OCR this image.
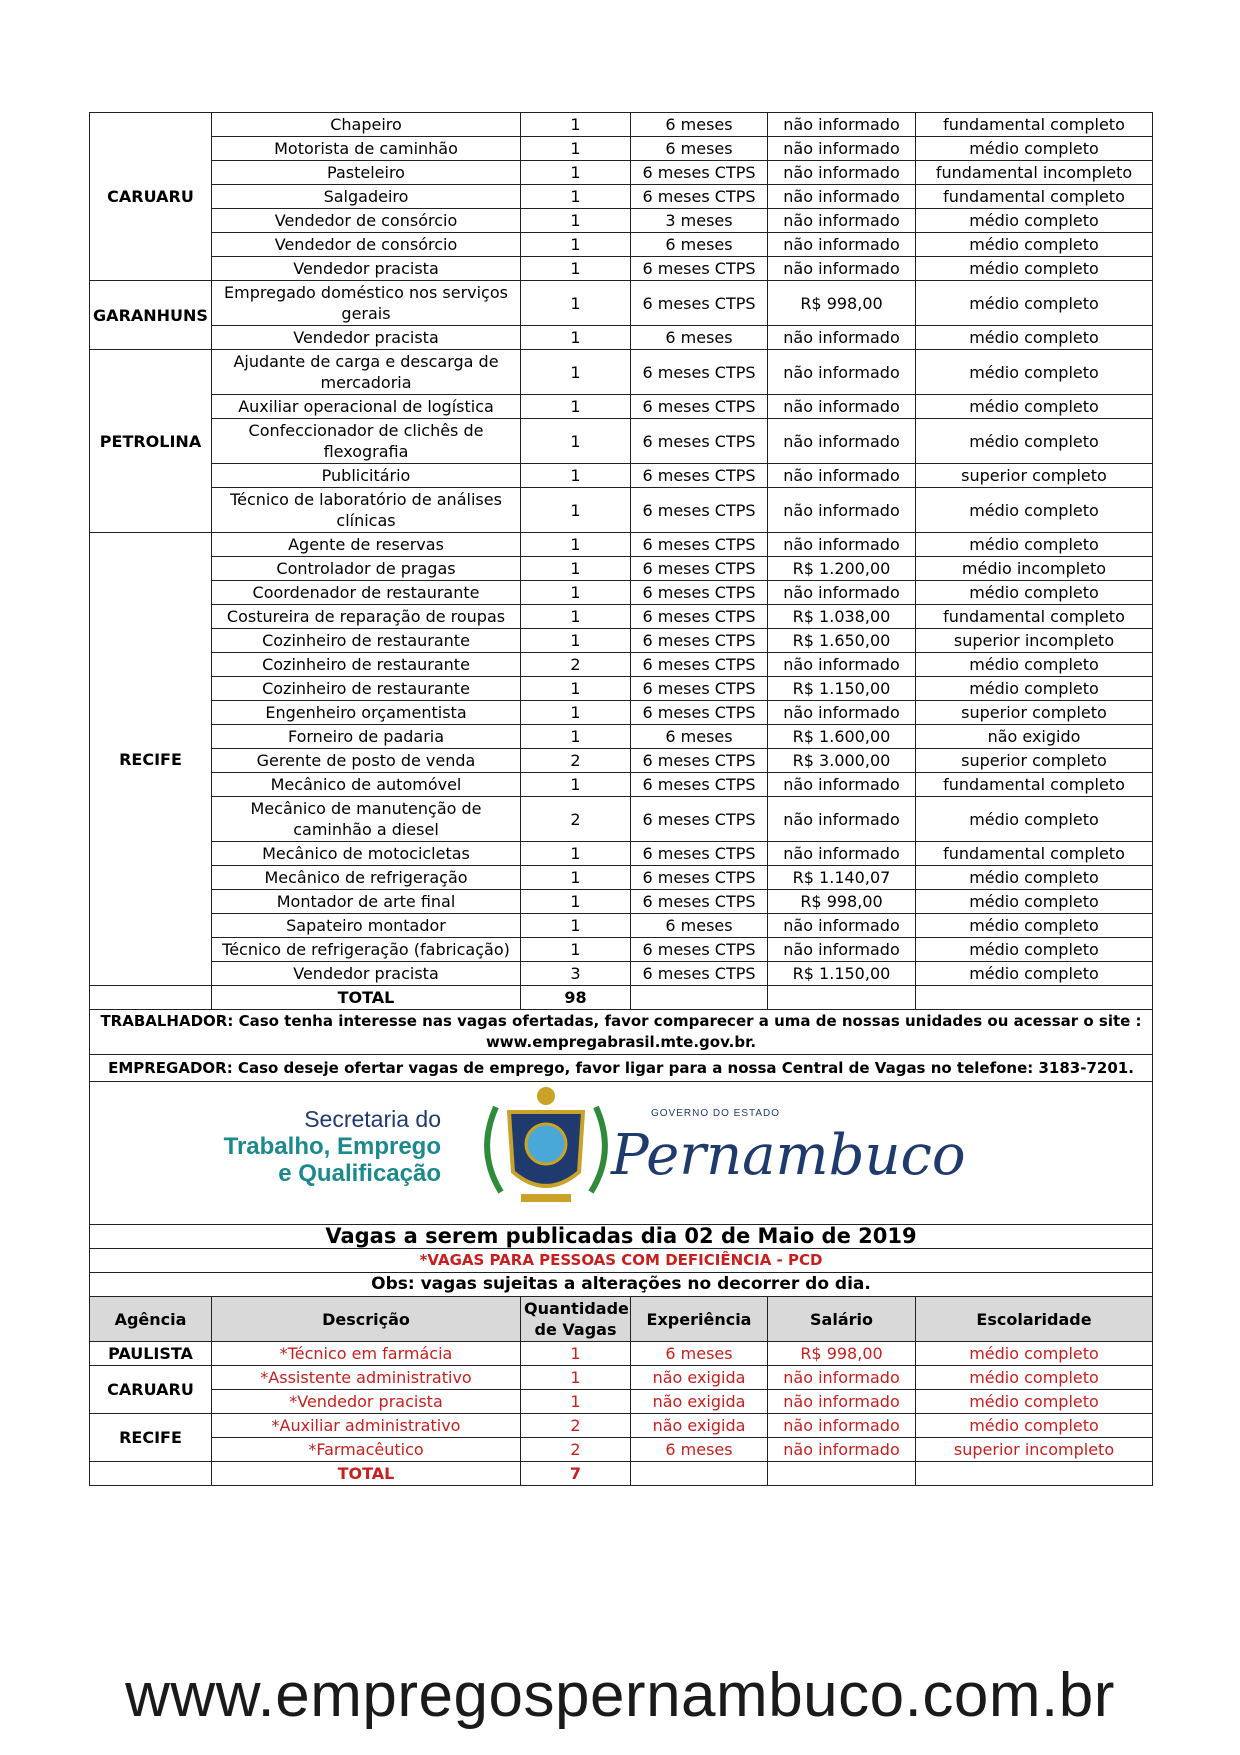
CARUARU	Chapeiro	1	6 meses	não informado	fundamental completo
	Motorista de caminhão	1	6 meses	não informado	médio completo
	Pasteleiro	1	6 meses CTPS	não informado	fundamental incompleto
	Salgadeiro	1	6 meses CTPS	não informado	fundamental completo
	Vendedor de consórcio	1	3 meses	não informado	médio completo
	Vendedor de consórcio	1	6 meses	não informado	médio completo
	Vendedor pracista	1	6 meses CTPS	não informado	médio completo
GARANHUNS	Empregado doméstico nos serviços gerais	1	6 meses CTPS	R$ 998,00	médio completo
	Vendedor pracista	1	6 meses	não informado	médio completo
PETROLINA	Ajudante de carga e descarga de mercadoria	1	6 meses CTPS	não informado	médio completo
	Auxiliar operacional de logística	1	6 meses CTPS	não informado	médio completo
	Confeccionador de clichês de flexografia	1	6 meses CTPS	não informado	médio completo
	Publicitário	1	6 meses CTPS	não informado	superior completo
	Técnico de laboratório de análises clínicas	1	6 meses CTPS	não informado	médio completo
RECIFE	Agente de reservas	1	6 meses CTPS	não informado	médio completo
	Controlador de pragas	1	6 meses CTPS	R$ 1.200,00	médio incompleto
	Coordenador de restaurante	1	6 meses CTPS	não informado	médio completo
	Costureira de reparação de roupas	1	6 meses CTPS	R$ 1.038,00	fundamental completo
	Cozinheiro de restaurante	1	6 meses CTPS	R$ 1.650,00	superior incompleto
	Cozinheiro de restaurante	2	6 meses CTPS	não informado	médio completo
	Cozinheiro de restaurante	1	6 meses CTPS	R$ 1.150,00	médio completo
	Engenheiro orçamentista	1	6 meses CTPS	não informado	superior completo
	Forneiro de padaria	1	6 meses	R$ 1.600,00	não exigido
	Gerente de posto de venda	2	6 meses CTPS	R$ 3.000,00	superior completo
	Mecânico de automóvel	1	6 meses CTPS	não informado	fundamental completo
	Mecânico de manutenção de caminhão a diesel	2	6 meses CTPS	não informado	médio completo
	Mecânico de motocicletas	1	6 meses CTPS	não informado	fundamental completo
	Mecânico de refrigeração	1	6 meses CTPS	R$ 1.140,07	médio completo
	Montador de arte final	1	6 meses CTPS	R$ 998,00	médio completo
	Sapateiro montador	1	6 meses	não informado	médio completo
	Técnico de refrigeração (fabricação)	1	6 meses CTPS	não informado	médio completo
	Vendedor pracista	3	6 meses CTPS	R$ 1.150,00	médio completo
	TOTAL	98			
TRABALHADOR: Caso tenha interesse nas vagas ofertadas, favor comparecer a uma de nossas unidades ou acessar o site :
www.empregabrasil.mte.gov.br.					

EMPREGADOR: Caso deseje ofertar vagas de emprego, favor ligar para a nossa Central de Vagas no telefone: 3183-7201.					

Secretaria do
Trabalho, Emprego
e Qualificação
GOVERNO DO ESTADO
Pernambuco					

Vagas a serem publicadas dia 02 de Maio de 2019					
*VAGAS PARA PESSOAS COM DEFICIÊNCIA - PCD					
Obs: vagas sujeitas a alterações no decorrer do dia.					
Agência	Descrição	Quantidade de Vagas	Experiência	Salário	Escolaridade
PAULISTA	*Técnico em farmácia	1	6 meses	R$ 998,00	médio completo
CARUARU	*Assistente administrativo	1	não exigida	não informado	médio completo
	*Vendedor pracista	1	não exigida	não informado	médio completo
RECIFE	*Auxiliar administrativo	2	não exigida	não informado	médio completo
	*Farmacêutico	2	6 meses	não informado	superior incompleto
	TOTAL	7			
www.empregospernambuco.com.br
